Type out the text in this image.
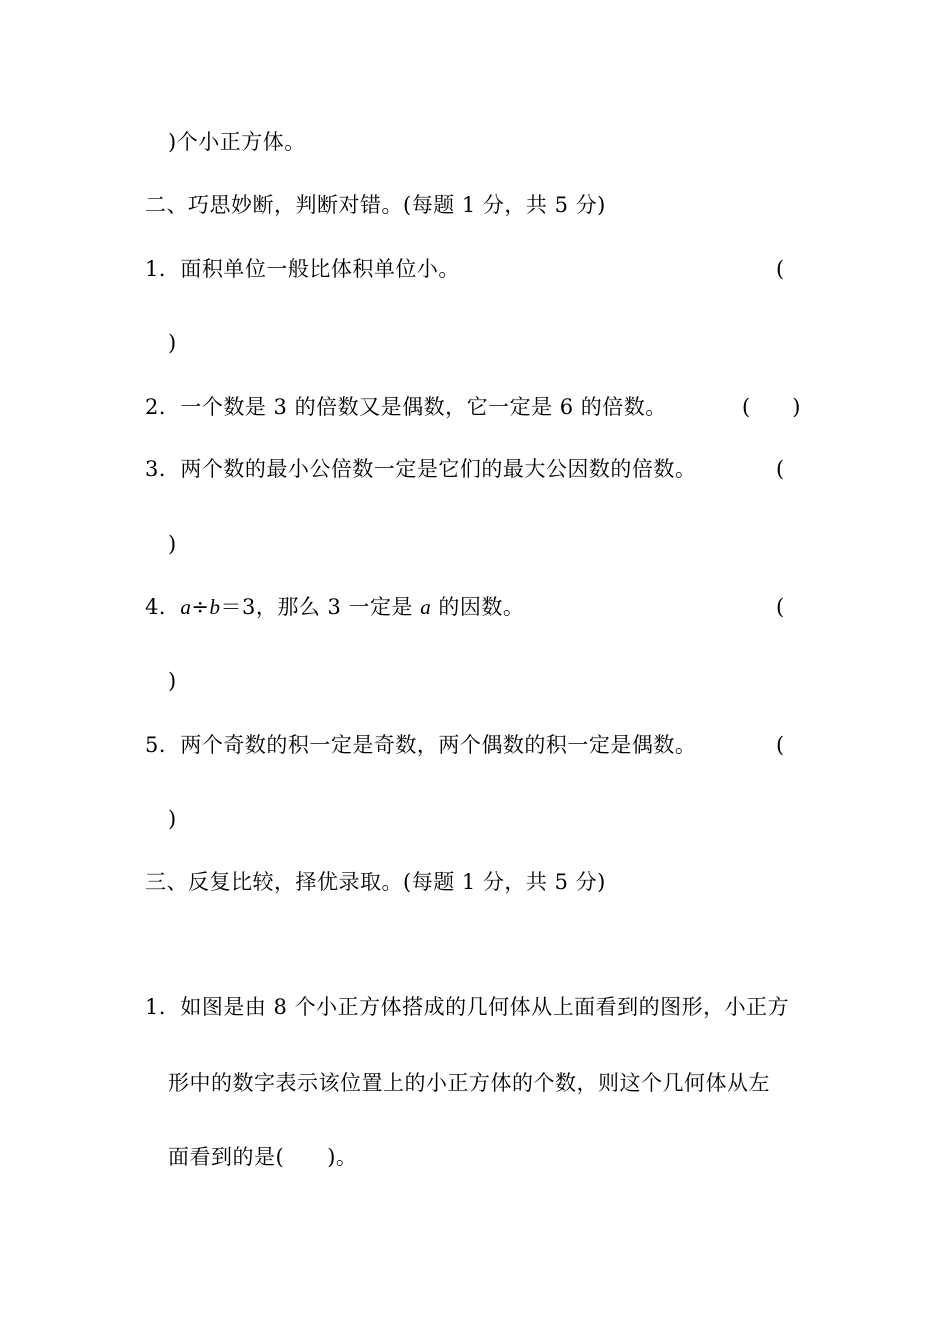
)个小正方体。
二、巧思妙断，判断对错。(每题 1 分，共 5 分)
1．面积单位一般比体积单位小。	(
)
2．一个数是 3 的倍数又是偶数，它一定是 6 的倍数。	(　　)
3．两个数的最小公倍数一定是它们的最大公因数的倍数。	(
)
4．a÷b＝3，那么 3 一定是 a 的因数。	(
)
5．两个奇数的积一定是奇数，两个偶数的积一定是偶数。	(
)
三、反复比较，择优录取。(每题 1 分，共 5 分)
1．如图是由 8 个小正方体搭成的几何体从上面看到的图形，小正方
形中的数字表示该位置上的小正方体的个数，则这个几何体从左
面看到的是(　　)。
